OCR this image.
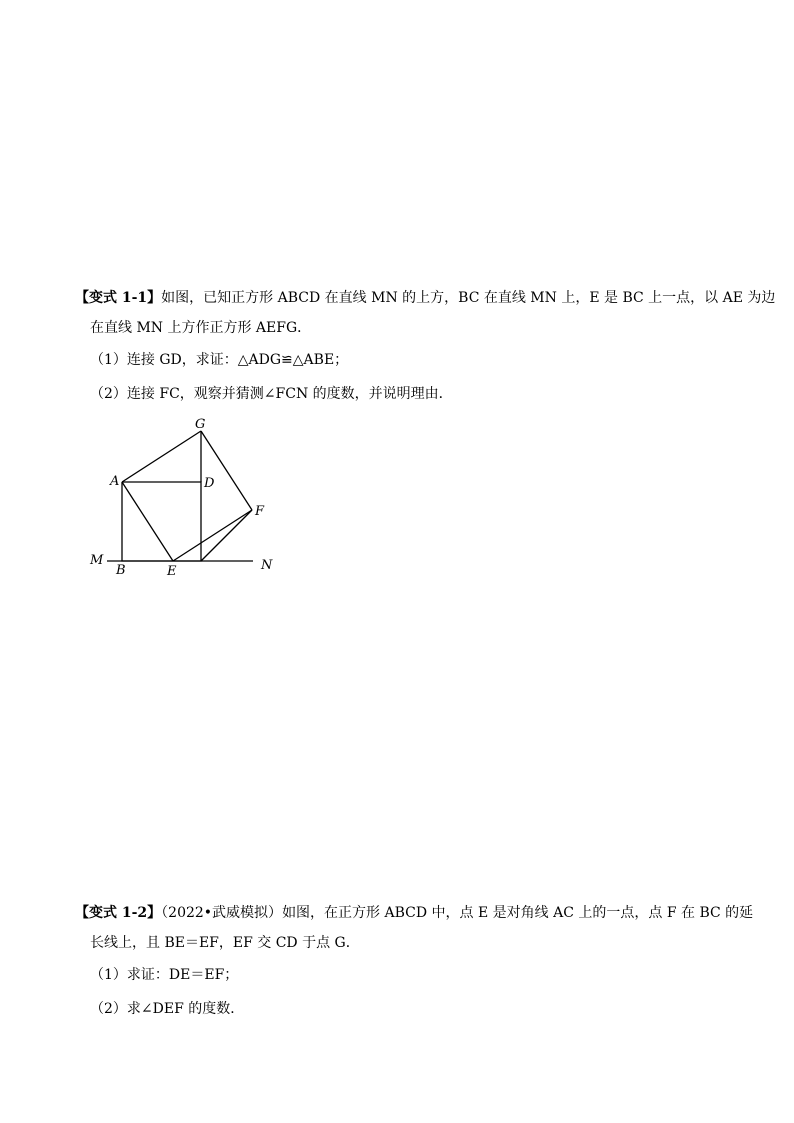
【变式 1-1】如图，已知正方形 ABCD 在直线 MN 的上方，BC 在直线 MN 上，E 是 BC 上一点，以 AE 为边
在直线 MN 上方作正方形 AEFG．
（1）连接 GD，求证：△ADG≌△ABE；
（2）连接 FC，观察并猜测∠FCN 的度数，并说明理由．
G
A	D
F
M
B	E	N
【变式 1-2】（2022•武威模拟）如图，在正方形 ABCD 中，点 E 是对角线 AC 上的一点，点 F 在 BC 的延
长线上，且 BE＝EF，EF 交 CD 于点 G．
（1）求证：DE＝EF；
（2）求∠DEF 的度数．
